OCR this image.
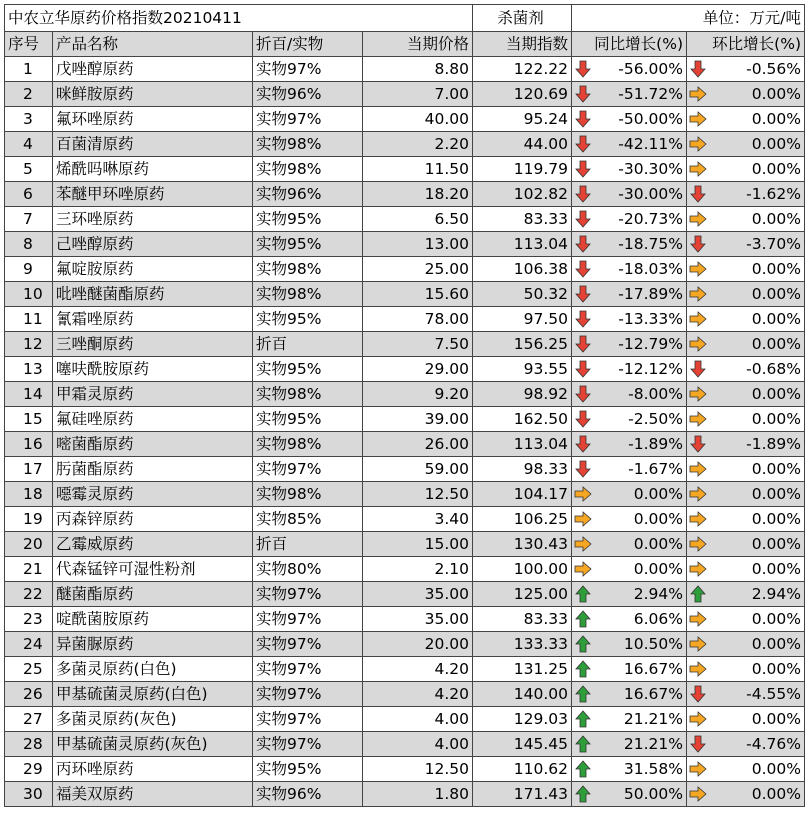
中农立华原药价格指数20210411				杀菌剂	单位：万元/吨	
序号	产品名称	折百/实物	当期价格	当期指数	同比增长(%)	环比增长(%)
1	戊唑醇原药	实物97%	8.80	122.22	-56.00%	-0.56%
2	咪鲜胺原药	实物96%	7.00	120.69	-51.72%	0.00%
3	氟环唑原药	实物97%	40.00	95.24	-50.00%	0.00%
4	百菌清原药	实物98%	2.20	44.00	-42.11%	0.00%
5	烯酰吗啉原药	实物98%	11.50	119.79	-30.30%	0.00%
6	苯醚甲环唑原药	实物96%	18.20	102.82	-30.00%	-1.62%
7	三环唑原药	实物95%	6.50	83.33	-20.73%	0.00%
8	己唑醇原药	实物95%	13.00	113.04	-18.75%	-3.70%
9	氟啶胺原药	实物98%	25.00	106.38	-18.03%	0.00%
10	吡唑醚菌酯原药	实物98%	15.60	50.32	-17.89%	0.00%
11	氰霜唑原药	实物95%	78.00	97.50	-13.33%	0.00%
12	三唑酮原药	折百	7.50	156.25	-12.79%	0.00%
13	噻呋酰胺原药	实物95%	29.00	93.55	-12.12%	-0.68%
14	甲霜灵原药	实物98%	9.20	98.92	-8.00%	0.00%
15	氟硅唑原药	实物95%	39.00	162.50	-2.50%	0.00%
16	嘧菌酯原药	实物98%	26.00	113.04	-1.89%	-1.89%
17	肟菌酯原药	实物97%	59.00	98.33	-1.67%	0.00%
18	噁霉灵原药	实物98%	12.50	104.17	0.00%	0.00%
19	丙森锌原药	实物85%	3.40	106.25	0.00%	0.00%
20	乙霉威原药	折百	15.00	130.43	0.00%	0.00%
21	代森锰锌可湿性粉剂	实物80%	2.10	100.00	0.00%	0.00%
22	醚菌酯原药	实物97%	35.00	125.00	2.94%	2.94%
23	啶酰菌胺原药	实物97%	35.00	83.33	6.06%	0.00%
24	异菌脲原药	实物97%	20.00	133.33	10.50%	0.00%
25	多菌灵原药(白色)	实物97%	4.20	131.25	16.67%	0.00%
26	甲基硫菌灵原药(白色)	实物97%	4.20	140.00	16.67%	-4.55%
27	多菌灵原药(灰色)	实物97%	4.00	129.03	21.21%	0.00%
28	甲基硫菌灵原药(灰色)	实物97%	4.00	145.45	21.21%	-4.76%
29	丙环唑原药	实物95%	12.50	110.62	31.58%	0.00%
30	福美双原药	实物96%	1.80	171.43	50.00%	0.00%
